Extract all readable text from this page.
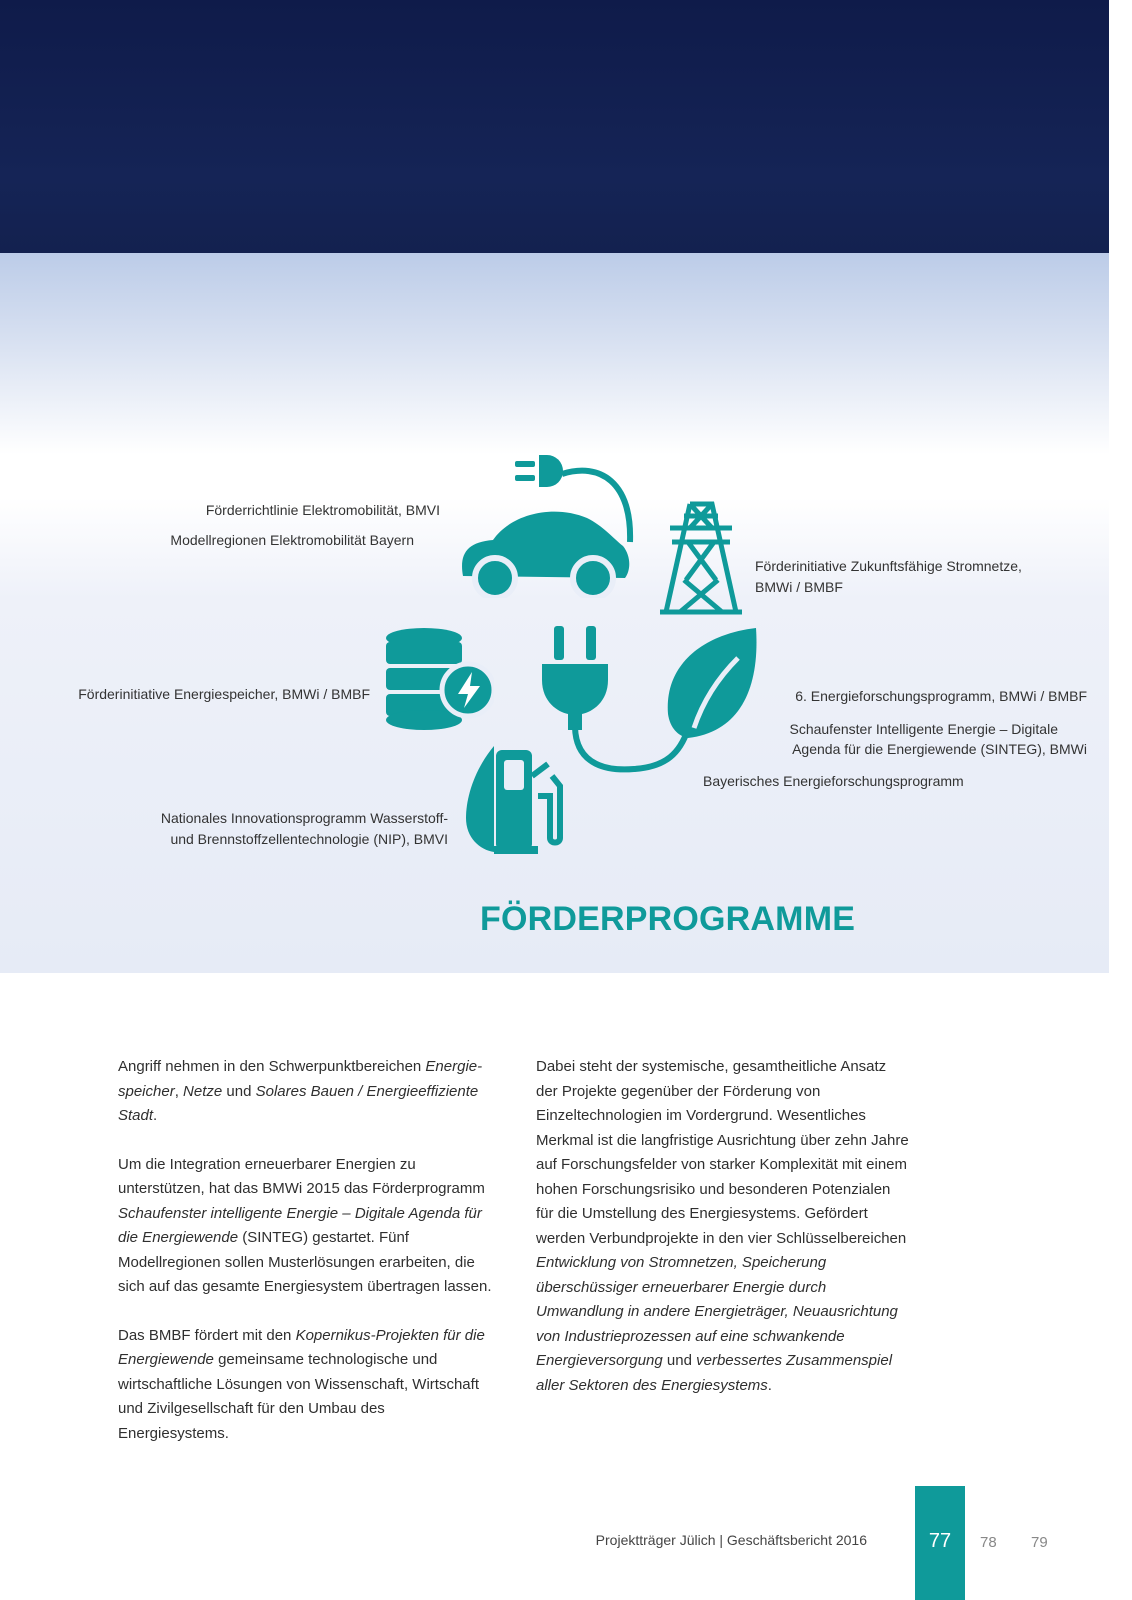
Förderrichtlinie Elektromobilität, BMVI
Modellregionen Elektromobilität Bayern
Förderinitiative Zukunftsfähige Stromnetze,
BMWi / BMBF
Förderinitiative Energiespeicher, BMWi / BMBF	6. Energieforschungsprogramm, BMWi / BMBF
Schaufenster Intelligente Energie – Digitale
Agenda für die Energiewende (SINTEG), BMWi
Bayerisches Energieforschungsprogramm
Nationales Innovationsprogramm Wasserstoff-
und Brennstoffzellentechnologie (NIP), BMVI
FÖRDERPROGRAMME

Angriff nehmen in den Schwerpunktbereichen Energie-speicher, Netze und Solares Bauen / Energieeffiziente Stadt.

Um die Integration erneuerbarer Energien zu unterstützen, hat das BMWi 2015 das Förderprogramm Schaufenster intelligente Energie – Digitale Agenda für die Energiewende (SINTEG) gestartet. Fünf Modellregionen sollen Musterlösungen erarbeiten, die sich auf das gesamte Energiesystem übertragen lassen.

Das BMBF fördert mit den Kopernikus-Projekten für die Energiewende gemeinsame technologische und wirtschaftliche Lösungen von Wissenschaft, Wirtschaft und Zivilgesellschaft für den Umbau des Energiesystems.

Dabei steht der systemische, gesamtheitliche Ansatz der Projekte gegenüber der Förderung von Einzeltechnologien im Vordergrund. Wesentliches Merkmal ist die langfristige Ausrichtung über zehn Jahre auf Forschungsfelder von starker Komplexität mit einem hohen Forschungsrisiko und besonderen Potenzialen für die Umstellung des Energiesystems. Gefördert werden Verbundprojekte in den vier Schlüsselbereichen Entwicklung von Stromnetzen, Speicherung überschüssiger erneuerbarer Energie durch Umwandlung in andere Energieträger, Neuausrichtung von Industrieprozessen auf eine schwankende Energieversorgung und verbessertes Zusammenspiel aller Sektoren des Energiesystems.

Projektträger Jülich | Geschäftsbericht 2016	77	78 79
